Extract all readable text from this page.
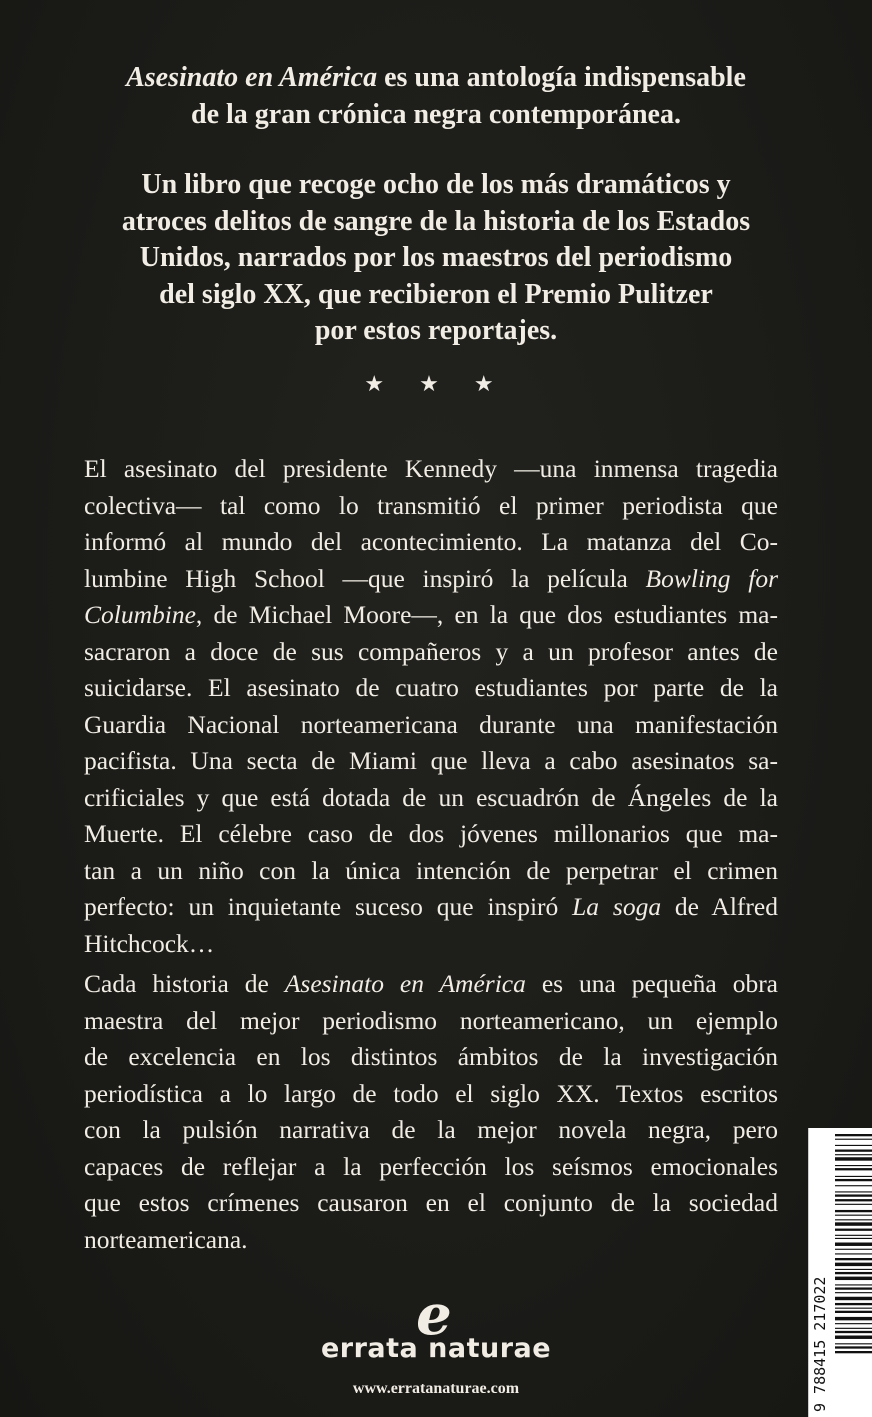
Asesinato en América es una antología indispensable
de la gran crónica negra contemporánea.
Un libro que recoge ocho de los más dramáticos y
atroces delitos de sangre de la historia de los Estados
Unidos, narrados por los maestros del periodismo
del siglo XX, que recibieron el Premio Pulitzer
por estos reportajes.
★ ★ ★
El asesinato del presidente Kennedy —una inmensa tragedia
colectiva— tal como lo transmitió el primer periodista que
informó al mundo del acontecimiento. La matanza del Co-
lumbine High School —que inspiró la película Bowling for
Columbine, de Michael Moore—, en la que dos estudiantes ma-
sacraron a doce de sus compañeros y a un profesor antes de
suicidarse. El asesinato de cuatro estudiantes por parte de la
Guardia Nacional norteamericana durante una manifestación
pacifista. Una secta de Miami que lleva a cabo asesinatos sa-
crificiales y que está dotada de un escuadrón de Ángeles de la
Muerte. El célebre caso de dos jóvenes millonarios que ma-
tan a un niño con la única intención de perpetrar el crimen
perfecto: un inquietante suceso que inspiró La soga de Alfred
Hitchcock…
Cada historia de Asesinato en América es una pequeña obra
maestra del mejor periodismo norteamericano, un ejemplo
de excelencia en los distintos ámbitos de la investigación
periodística a lo largo de todo el siglo XX. Textos escritos
con la pulsión narrativa de la mejor novela negra, pero
capaces de reflejar a la perfección los seísmos emocionales
que estos crímenes causaron en el conjunto de la sociedad
norteamericana.
9 788415 217022
e
errata naturae
www.erratanaturae.com
